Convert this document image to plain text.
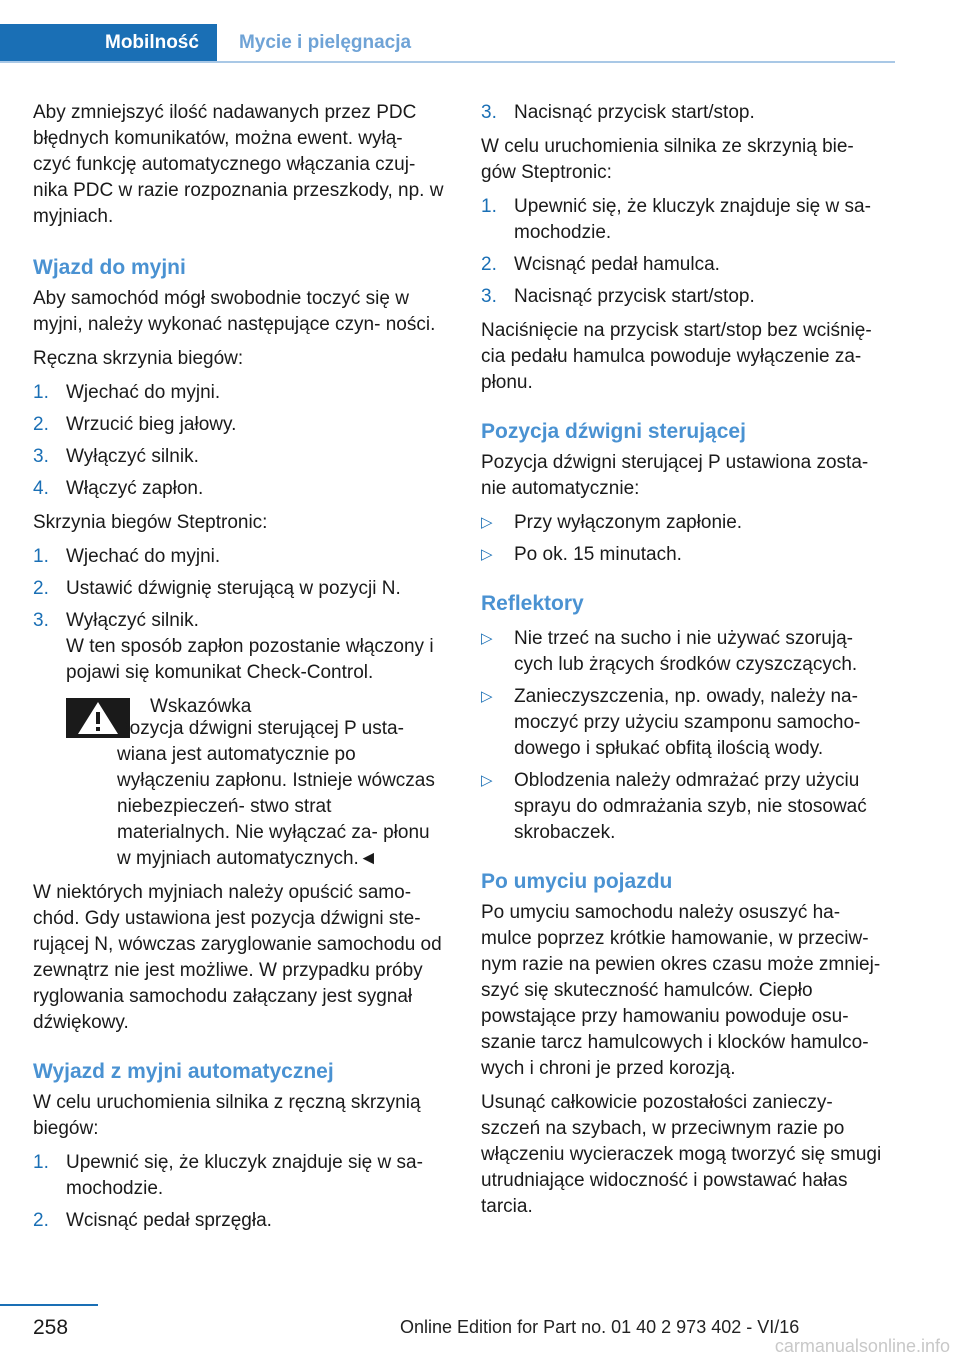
Mobilność	Mycie i pielęgnacja

Aby zmniejszyć ilość nadawanych przez PDC błędnych komunikatów, można ewent. wyłą‐ czyć funkcję automatycznego włączania czuj‐ nika PDC w razie rozpoznania przeszkody, np. w myjniach.

Wjazd do myjni

Aby samochód mógł swobodnie toczyć się w myjni, należy wykonać następujące czyn‐ ności.

Ręczna skrzynia biegów:

1. Wjechać do myjni.
2. Wrzucić bieg jałowy.
3. Wyłączyć silnik.
4. Włączyć zapłon.

Skrzynia biegów Steptronic:

1. Wjechać do myjni.
2. Ustawić dźwignię sterującą w pozycji N.
3. Wyłączyć silnik.
W ten sposób zapłon pozostanie włączony i pojawi się komunikat Check-Control.
Wskazówka

Pozycja dźwigni sterującej P usta‐ wiana jest automatycznie po wyłączeniu zapłonu. Istnieje wówczas niebezpieczeń‐ stwo strat materialnych. Nie wyłączać za‐ płonu w myjniach automatycznych.◄

W niektórych myjniach należy opuścić samo‐ chód. Gdy ustawiona jest pozycja dźwigni ste‐ rującej N, wówczas zaryglowanie samochodu od zewnątrz nie jest możliwe. W przypadku próby ryglowania samochodu załączany jest sygnał dźwiękowy.

Wyjazd z myjni automatycznej

W celu uruchomienia silnika z ręczną skrzynią biegów:

1. Upewnić się, że kluczyk znajduje się w sa‐ mochodzie.
2. Wcisnąć pedał sprzęgła.
3. Nacisnąć przycisk start/stop.

W celu uruchomienia silnika ze skrzynią bie‐ gów Steptronic:

1. Upewnić się, że kluczyk znajduje się w sa‐ mochodzie.
2. Wcisnąć pedał hamulca.
3. Nacisnąć przycisk start/stop.

Naciśnięcie na przycisk start/stop bez wciśnię‐ cia pedału hamulca powoduje wyłączenie za‐ płonu.

Pozycja dźwigni sterującej

Pozycja dźwigni sterującej P ustawiona zosta‐ nie automatycznie:

▷	Przy wyłączonym zapłonie.
▷	Po ok. 15 minutach.
Reflektory
▷	Nie trzeć na sucho i nie używać szorują‐ cych lub żrących środków czyszczących.
▷	Zanieczyszczenia, np. owady, należy na‐ moczyć przy użyciu szamponu samocho‐ dowego i spłukać obfitą ilością wody.
▷	Oblodzenia należy odmrażać przy użyciu sprayu do odmrażania szyb, nie stosować skrobaczek.
Po umyciu pojazdu

Po umyciu samochodu należy osuszyć ha‐ mulce poprzez krótkie hamowanie, w przeciw‐ nym razie na pewien okres czasu może zmniej‐ szyć się skuteczność hamulców. Ciepło powstające przy hamowaniu powoduje osu‐ szanie tarcz hamulcowych i klocków hamulco‐ wych i chroni je przed korozją.

Usunąć całkowicie pozostałości zanieczy‐ szczeń na szybach, w przeciwnym razie po włączeniu wycieraczek mogą tworzyć się smugi utrudniające widoczność i powstawać hałas tarcia.

258	Online Edition for Part no. 01 40 2 973 402 - VI/16
carmanualsonline.info
